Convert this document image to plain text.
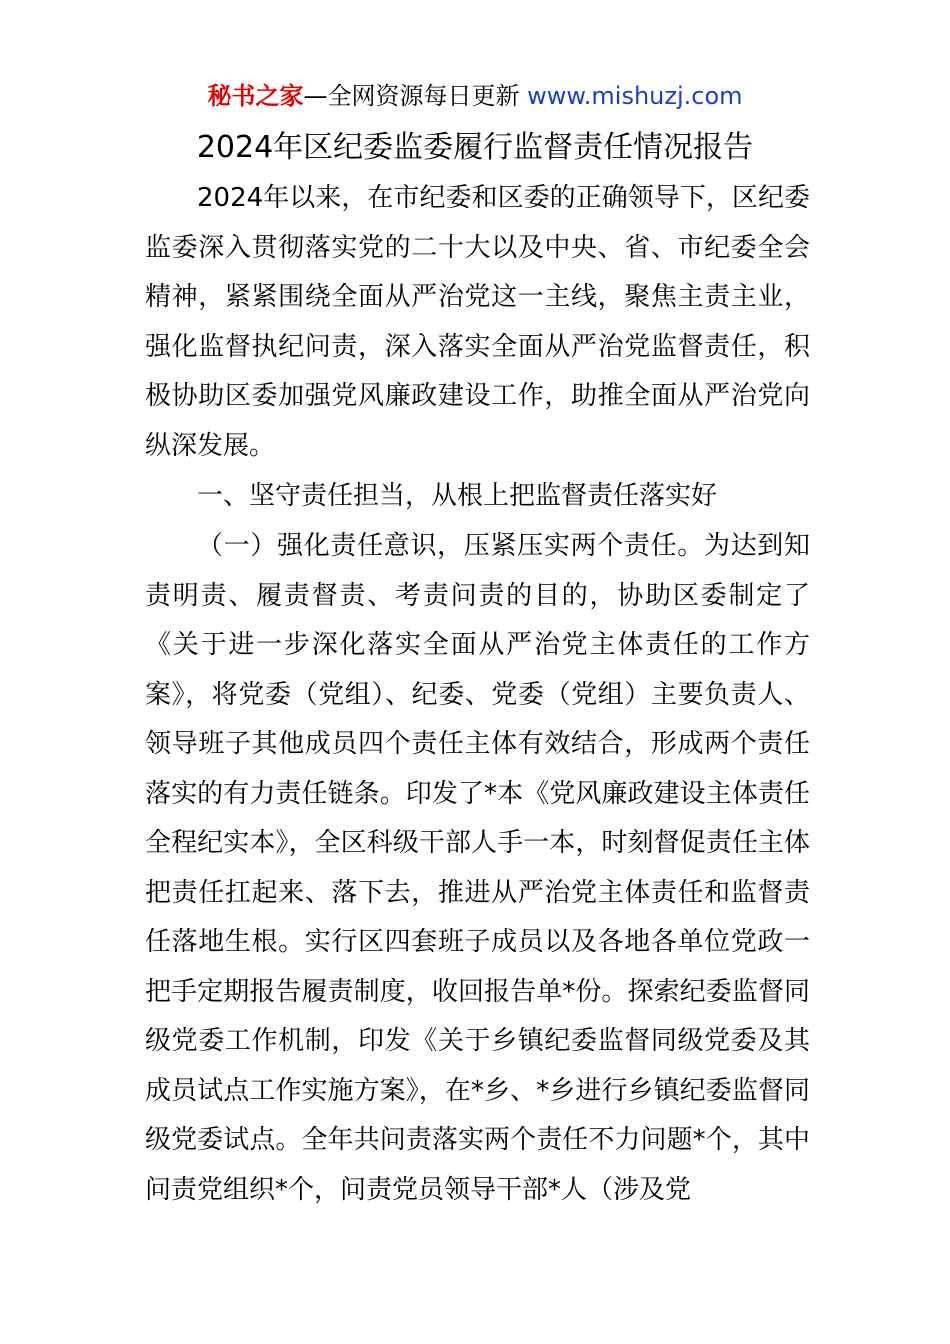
秘书之家—全网资源每日更新 www.mishuzj.com
2024年区纪委监委履行监督责任情况报告

2024年以来，在市纪委和区委的正确领导下，区纪委监委深入贯彻落实党的二十大以及中央、省、市纪委全会精神，紧紧围绕全面从严治党这一主线，聚焦主责主业，强化监督执纪问责，深入落实全面从严治党监督责任，积极协助区委加强党风廉政建设工作，助推全面从严治党向纵深发展。

一、坚守责任担当，从根上把监督责任落实好

（一）强化责任意识，压紧压实两个责任。为达到知责明责、履责督责、考责问责的目的，协助区委制定了《关于进一步深化落实全面从严治党主体责任的工作方案》，将党委（党组）、纪委、党委（党组）主要负责人、领导班子其他成员四个责任主体有效结合，形成两个责任落实的有力责任链条。印发了*本《党风廉政建设主体责任全程纪实本》，全区科级干部人手一本，时刻督促责任主体把责任扛起来、落下去，推进从严治党主体责任和监督责任落地生根。实行区四套班子成员以及各地各单位党政一把手定期报告履责制度，收回报告单*份。探索纪委监督同级党委工作机制，印发《关于乡镇纪委监督同级党委及其成员试点工作实施方案》，在*乡、*乡进行乡镇纪委监督同级党委试点。全年共问责落实两个责任不力问题*个，其中问责党组织*个，问责党员领导干部*人（涉及党
